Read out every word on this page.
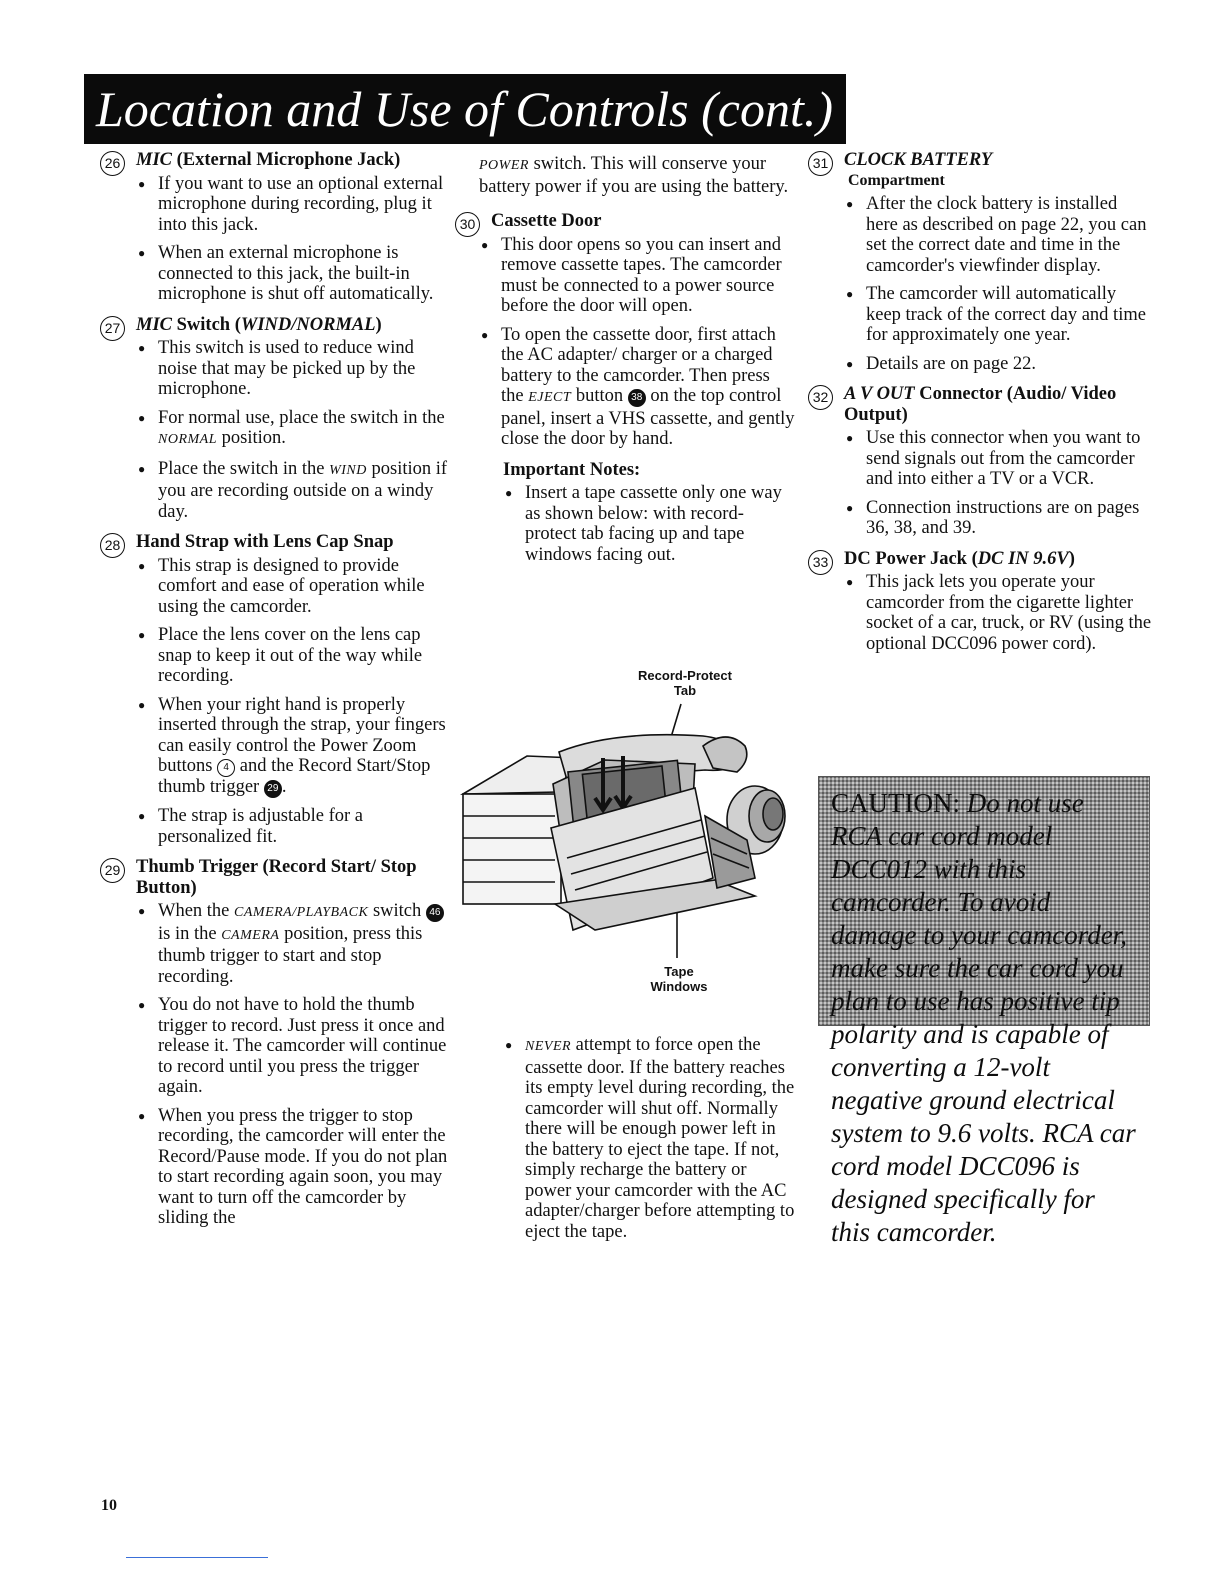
Location and Use of Controls (cont.)
26 MIC (External Microphone Jack)
● If you want to use an optional external microphone during recording, plug it into this jack.
● When an external microphone is connected to this jack, the built-in microphone is shut off automatically.
27 MIC Switch (WIND/NORMAL)
● This switch is used to reduce wind noise that may be picked up by the microphone.
● For normal use, place the switch in the NORMAL position.
● Place the switch in the WIND position if you are recording outside on a windy day.
28 Hand Strap with Lens Cap Snap
● This strap is designed to provide comfort and ease of operation while using the camcorder.
● Place the lens cover on the lens cap snap to keep it out of the way while recording.
● When your right hand is properly inserted through the strap, your fingers can easily control the Power Zoom buttons 4 and the Record Start/Stop thumb trigger 29 .
● The strap is adjustable for a personalized fit.
29 Thumb Trigger (Record Start/ Stop Button)
● When the CAMERA/PLAYBACK switch 46 is in the CAMERA position, press this thumb trigger to start and stop recording.
● You do not have to hold the thumb trigger to record. Just press it once and release it. The camcorder will continue to record until you press the trigger again.
● When you press the trigger to stop recording, the camcorder will enter the Record/Pause mode. If you do not plan to start recording again soon, you may want to turn off the camcorder by sliding the
POWER switch. This will conserve your battery power if you are using the battery.
30 Cassette Door
● This door opens so you can insert and remove cassette tapes. The camcorder must be connected to a power source before the door will open.
● To open the cassette door, first attach the AC adapter/ charger or a charged battery to the camcorder. Then press the EJECT button 38 on the top control panel, insert a VHS cassette, and gently close the door by hand.
Important Notes:
● Insert a tape cassette only one way as shown below: with record-protect tab facing up and tape windows facing out.
Record-Protect
Tab
Tape
Windows
● NEVER attempt to force open the cassette door. If the battery reaches its empty level during recording, the camcorder will shut off. Normally there will be enough power left in the battery to eject the tape. If not, simply recharge the battery or power your camcorder with the AC adapter/charger before attempting to eject the tape.
31 CLOCK BATTERY
Compartment
● After the clock battery is installed here as described on page 22, you can set the correct date and time in the camcorder's viewfinder display.
● The camcorder will automatically keep track of the correct day and time for approximately one year.
● Details are on page 22.
32 A V OUT Connector (Audio/ Video Output)
● Use this connector when you want to send signals out from the camcorder and into either a TV or a VCR.
● Connection instructions are on pages 36, 38, and 39.
33 DC Power Jack (DC IN 9.6V)
● This jack lets you operate your camcorder from the cigarette lighter socket of a car, truck, or RV (using the optional DCC096 power cord).
CAUTION: Do not use RCA car cord model DCC012 with this camcorder. To avoid damage to your camcorder, make sure the car cord you plan to use has positive tip polarity and is capable of converting a 12-volt negative ground electrical system to 9.6 volts. RCA car cord model DCC096 is designed specifically for this camcorder.
10
